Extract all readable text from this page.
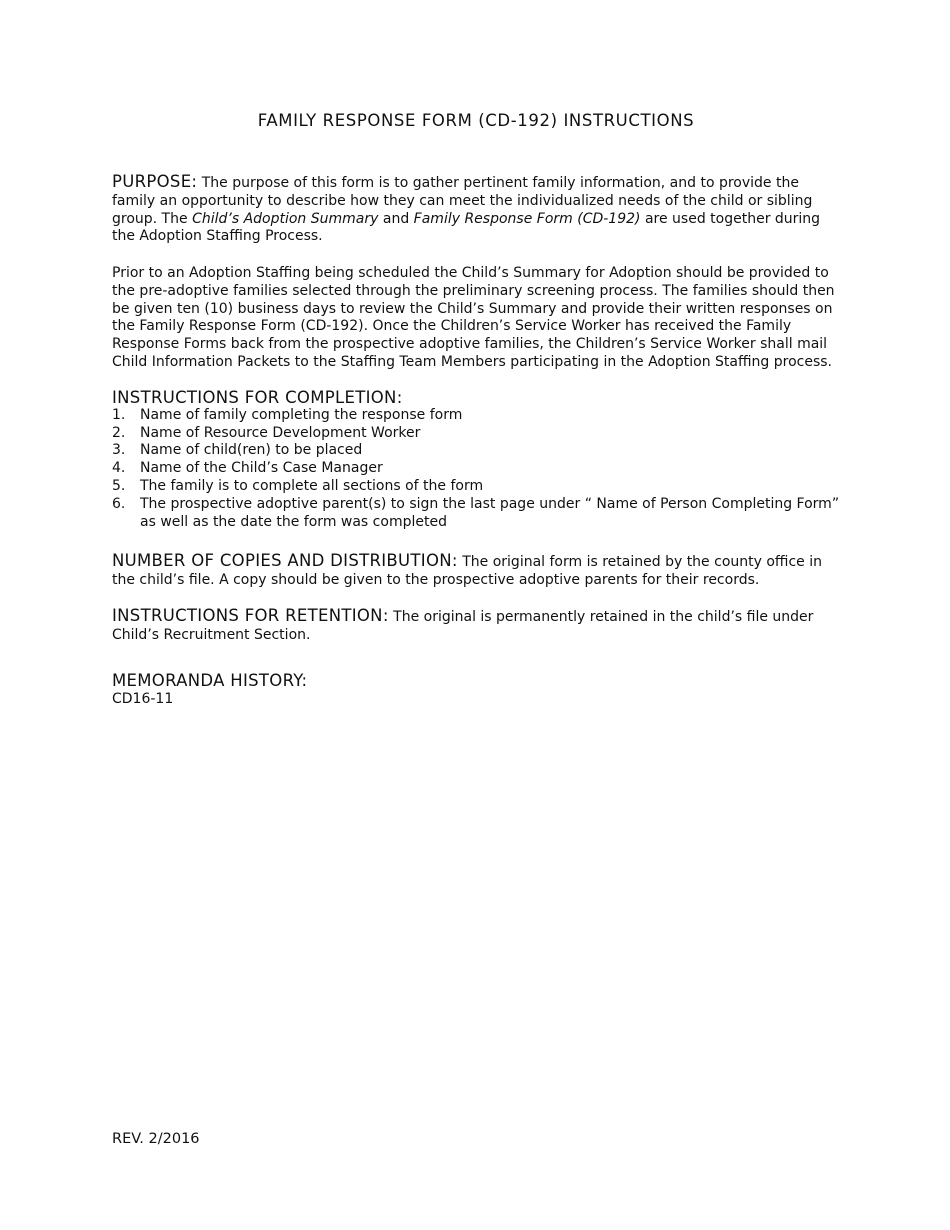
FAMILY RESPONSE FORM (CD-192) INSTRUCTIONS
PURPOSE: The purpose of this form is to gather pertinent family information, and to provide the family an opportunity to describe how they can meet the individualized needs of the child or sibling group. The Child’s Adoption Summary and Family Response Form (CD-192) are used together during the Adoption Staffing Process.
Prior to an Adoption Staffing being scheduled the Child’s Summary for Adoption should be provided to the pre-adoptive families selected through the preliminary screening process. The families should then be given ten (10) business days to review the Child’s Summary and provide their written responses on the Family Response Form (CD-192). Once the Children’s Service Worker has received the Family Response Forms back from the prospective adoptive families, the Children’s Service Worker shall mail Child Information Packets to the Staffing Team Members participating in the Adoption Staffing process.
INSTRUCTIONS FOR COMPLETION:
1. Name of family completing the response form
2. Name of Resource Development Worker
3. Name of child(ren) to be placed
4. Name of the Child’s Case Manager
5. The family is to complete all sections of the form
6. The prospective adoptive parent(s) to sign the last page under “ Name of Person Completing Form” as well as the date the form was completed
NUMBER OF COPIES AND DISTRIBUTION: The original form is retained by the county office in the child’s file. A copy should be given to the prospective adoptive parents for their records.
INSTRUCTIONS FOR RETENTION: The original is permanently retained in the child’s file under Child’s Recruitment Section.
MEMORANDA HISTORY:
CD16-11
REV. 2/2016
